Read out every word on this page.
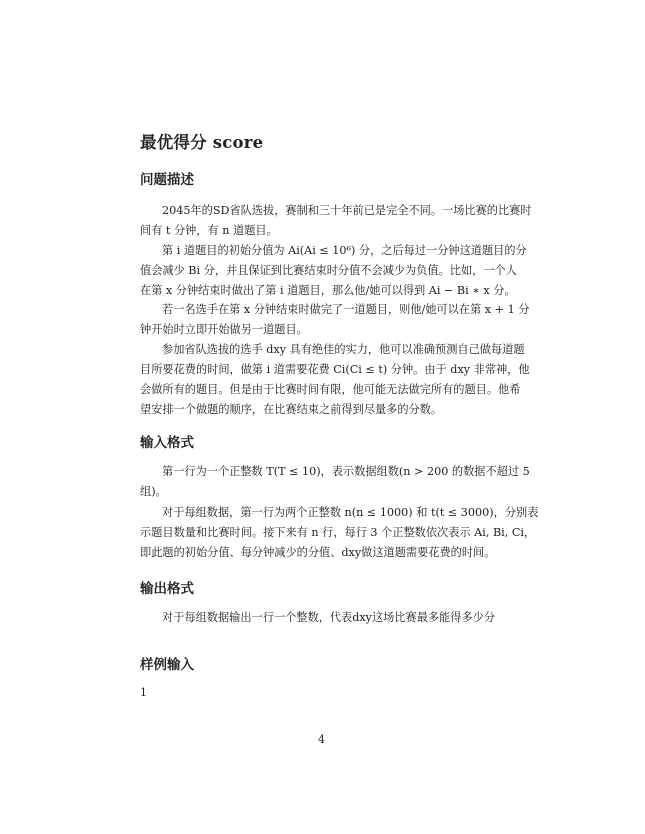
最优得分 score
问题描述
2045年的SD省队选拔，赛制和三十年前已是完全不同。一场比赛的比赛时
间有 t 分钟，有 n 道题目。
第 i 道题目的初始分值为 Ai(Ai ≤ 10⁶) 分，之后每过一分钟这道题目的分
值会减少 Bi 分，并且保证到比赛结束时分值不会减少为负值。比如，一个人
在第 x 分钟结束时做出了第 i 道题目，那么他/她可以得到 Ai − Bi ∗ x 分。
若一名选手在第 x 分钟结束时做完了一道题目，则他/她可以在第 x + 1 分
钟开始时立即开始做另一道题目。
参加省队选拔的选手 dxy 具有绝佳的实力，他可以准确预测自己做每道题
目所要花费的时间，做第 i 道需要花费 Ci(Ci ≤ t) 分钟。由于 dxy 非常神，他
会做所有的题目。但是由于比赛时间有限，他可能无法做完所有的题目。他希
望安排一个做题的顺序，在比赛结束之前得到尽量多的分数。
输入格式
第一行为一个正整数 T(T ≤ 10)，表示数据组数(n > 200 的数据不超过 5
组)。
对于每组数据，第一行为两个正整数 n(n ≤ 1000) 和 t(t ≤ 3000)，分别表
示题目数量和比赛时间。接下来有 n 行，每行 3 个正整数依次表示 Ai, Bi, Ci，
即此题的初始分值、每分钟减少的分值、dxy做这道题需要花费的时间。
输出格式
对于每组数据输出一行一个整数，代表dxy这场比赛最多能得多少分
样例输入
1
4
